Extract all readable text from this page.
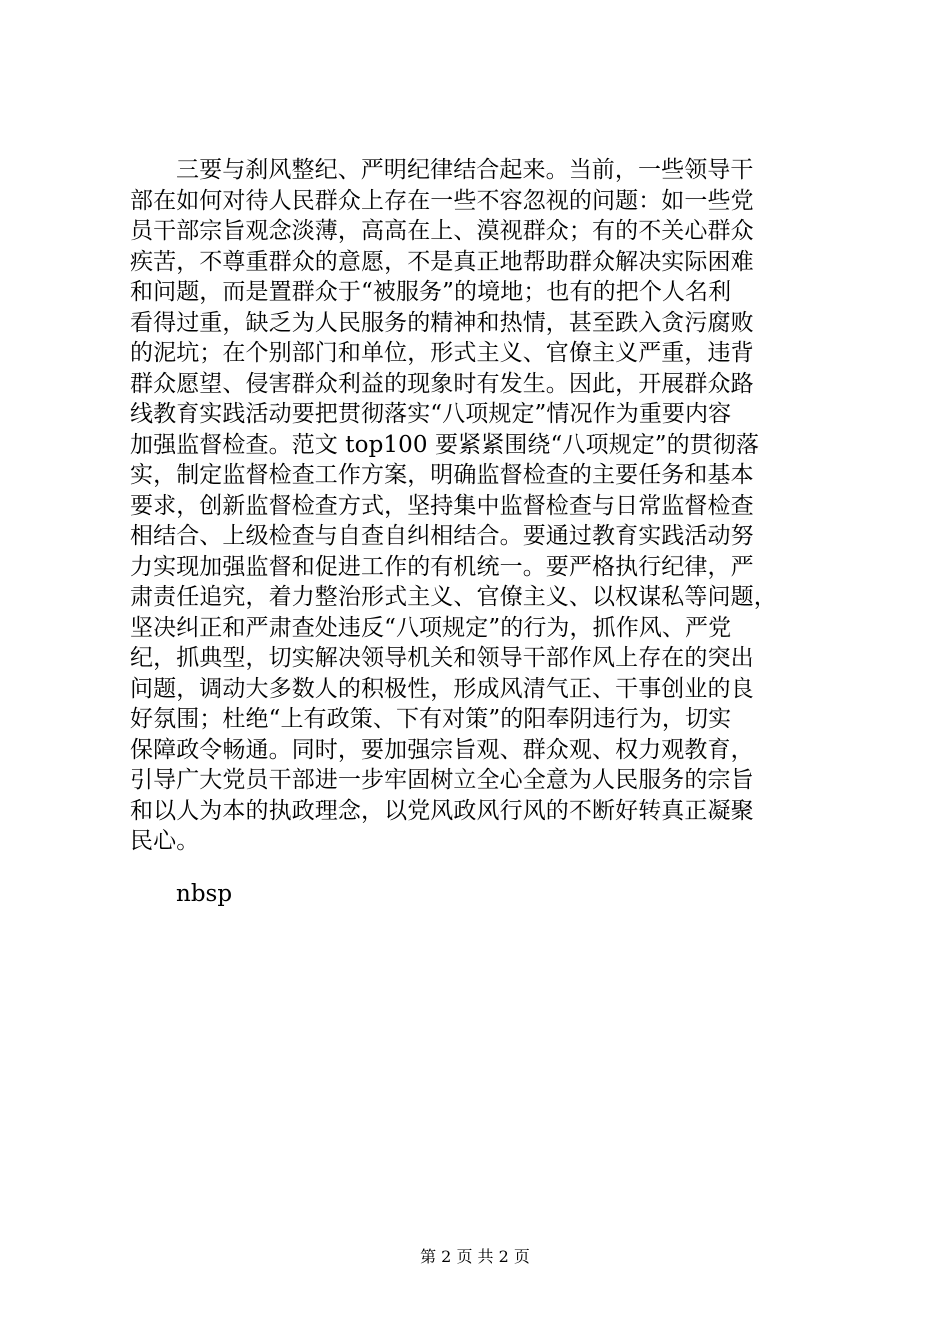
三要与刹风整纪、严明纪律结合起来。当前，一些领导干
部在如何对待人民群众上存在一些不容忽视的问题：如一些党
员干部宗旨观念淡薄，高高在上、漠视群众；有的不关心群众
疾苦，不尊重群众的意愿，不是真正地帮助群众解决实际困难
和问题，而是置群众于“被服务”的境地；也有的把个人名利
看得过重，缺乏为人民服务的精神和热情，甚至跌入贪污腐败
的泥坑；在个别部门和单位，形式主义、官僚主义严重，违背
群众愿望、侵害群众利益的现象时有发生。因此，开展群众路
线教育实践活动要把贯彻落实“八项规定”情况作为重要内容
加强监督检查。范文 top100 要紧紧围绕“八项规定”的贯彻落
实，制定监督检查工作方案，明确监督检查的主要任务和基本
要求，创新监督检查方式，坚持集中监督检查与日常监督检查
相结合、上级检查与自查自纠相结合。要通过教育实践活动努
力实现加强监督和促进工作的有机统一。要严格执行纪律，严
肃责任追究，着力整治形式主义、官僚主义、以权谋私等问题，
坚决纠正和严肃查处违反“八项规定”的行为，抓作风、严党
纪，抓典型，切实解决领导机关和领导干部作风上存在的突出
问题，调动大多数人的积极性，形成风清气正、干事创业的良
好氛围；杜绝“上有政策、下有对策”的阳奉阴违行为，切实
保障政令畅通。同时，要加强宗旨观、群众观、权力观教育，
引导广大党员干部进一步牢固树立全心全意为人民服务的宗旨
和以人为本的执政理念，以党风政风行风的不断好转真正凝聚
民心。
nbsp
第 2 页 共 2 页
